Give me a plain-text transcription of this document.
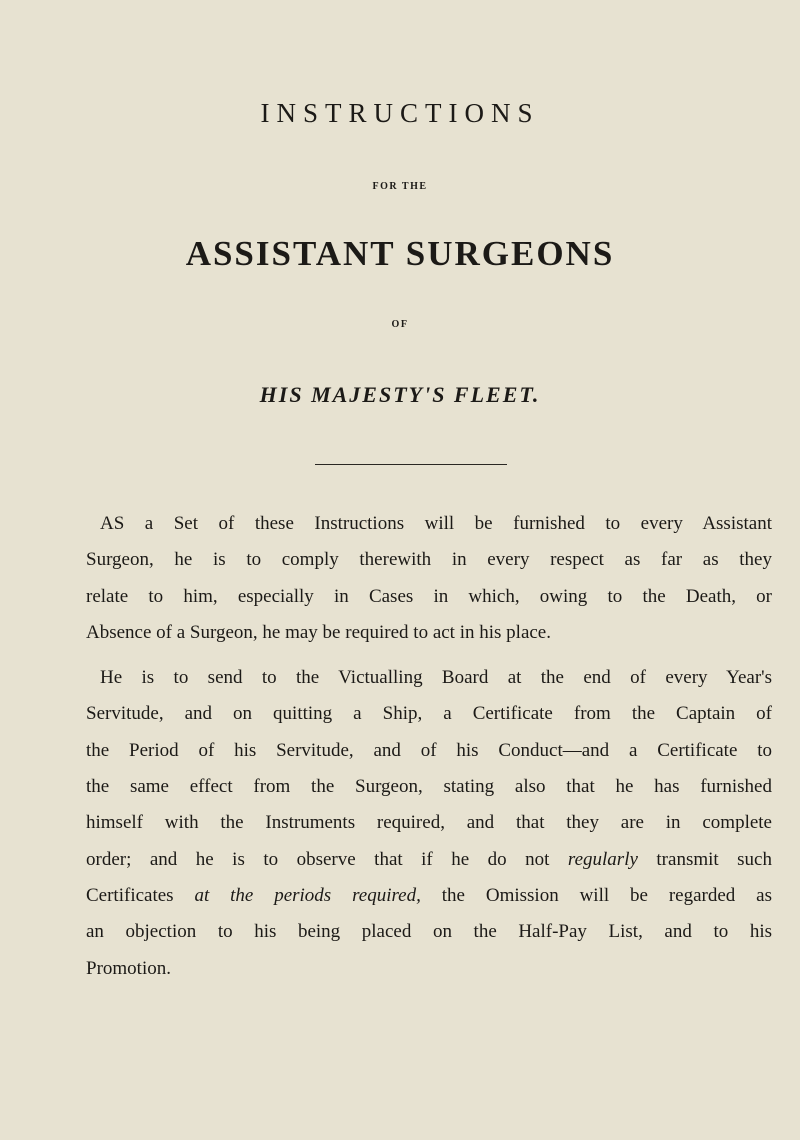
INSTRUCTIONS
FOR THE
ASSISTANT SURGEONS
OF
HIS MAJESTY'S FLEET.

AS a Set of these Instructions will be furnished to every Assistant
Surgeon, he is to comply therewith in every respect as far as they
relate to him, especially in Cases in which, owing to the Death, or
Absence of a Surgeon, he may be required to act in his place.

He is to send to the Victualling Board at the end of every Year's
Servitude, and on quitting a Ship, a Certificate from the Captain of
the Period of his Servitude, and of his Conduct—and a Certificate to
the same effect from the Surgeon, stating also that he has furnished
himself with the Instruments required, and that they are in complete
order; and he is to observe that if he do not regularly transmit such
Certificates at the periods required, the Omission will be regarded as
an objection to his being placed on the Half-Pay List, and to his
Promotion.
